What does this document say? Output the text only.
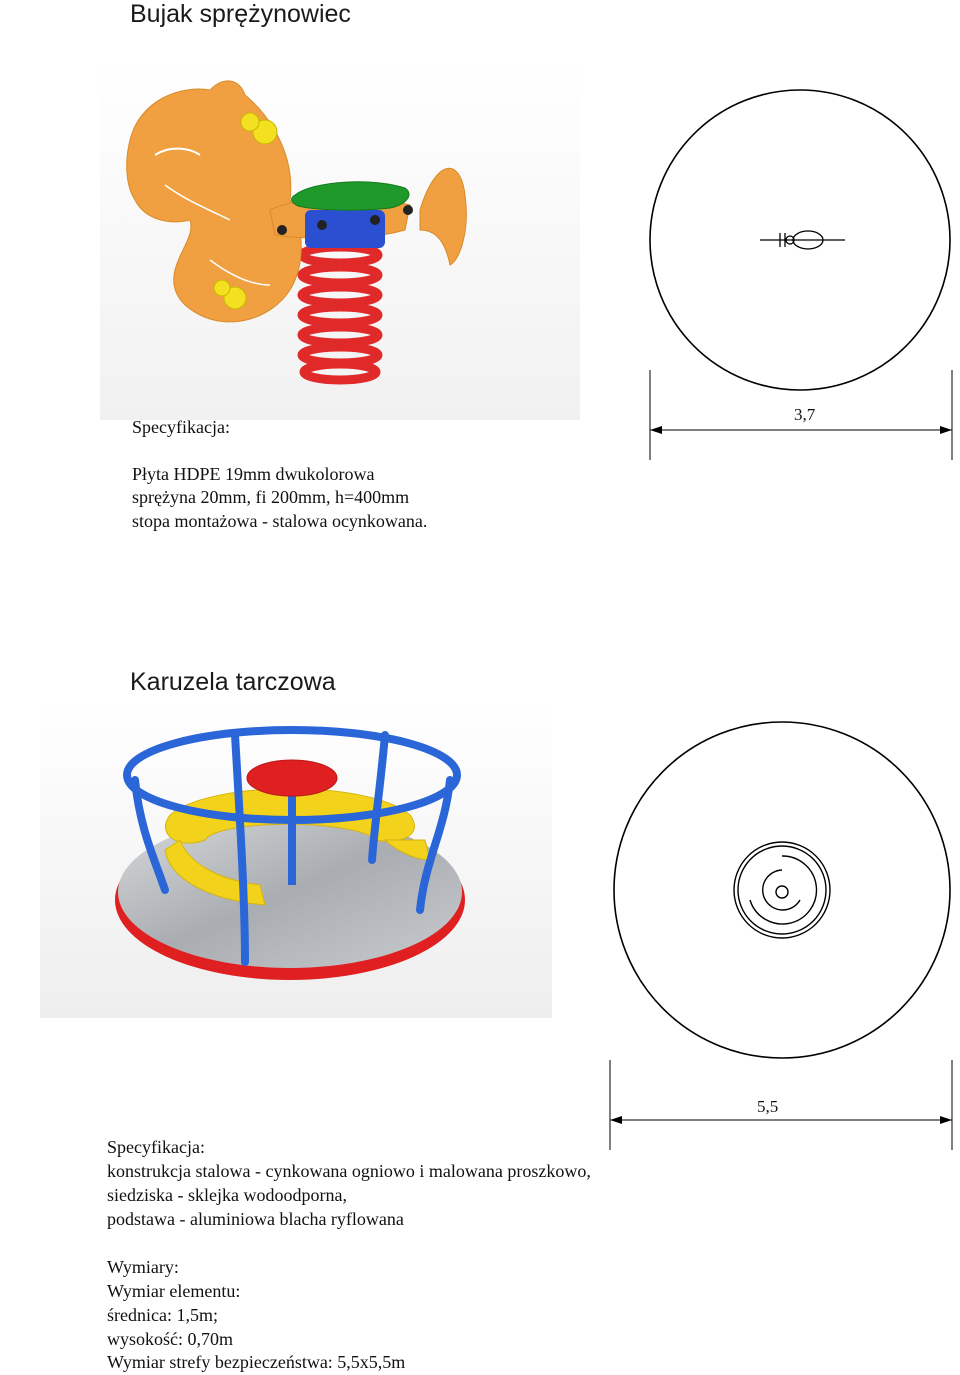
Bujak sprężynowiec
Specyfikacja:
Płyta HDPE 19mm dwukolorowa
sprężyna 20mm, fi 200mm, h=400mm
stopa montażowa - stalowa ocynkowana.
3,7
Karuzela tarczowa
5,5
Specyfikacja:
konstrukcja stalowa - cynkowana ogniowo i malowana proszkowo,
siedziska - sklejka wodoodporna,
podstawa - aluminiowa blacha ryflowana
Wymiary:
Wymiar elementu:
średnica: 1,5m;
wysokość: 0,70m
Wymiar strefy bezpieczeństwa: 5,5x5,5m
